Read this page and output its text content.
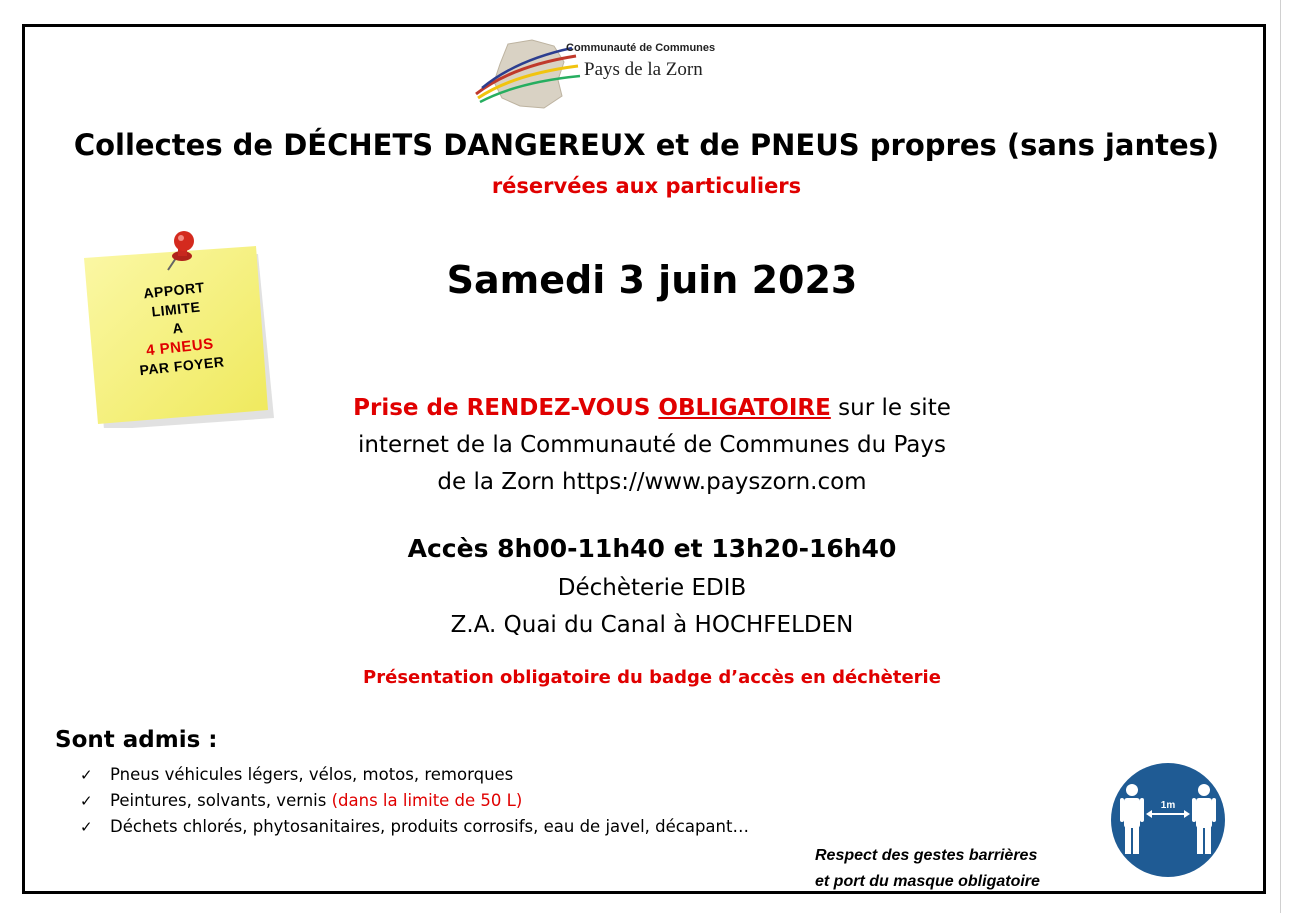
Communauté de Communes
Pays de la Zorn
Collectes de DÉCHETS DANGEREUX et de PNEUS propres (sans jantes)
réservées aux particuliers
APPORT
LIMITE
A
4 PNEUS
PAR FOYER
Samedi 3 juin 2023
Prise de RENDEZ-VOUS OBLIGATOIRE sur le site
internet de la Communauté de Communes du Pays
de la Zorn https://www.payszorn.com
Accès 8h00-11h40 et 13h20-16h40
Déchèterie EDIB
Z.A. Quai du Canal à HOCHFELDEN
Présentation obligatoire du badge d’accès en déchèterie
Sont admis :
✓ Pneus véhicules légers, vélos, motos, remorques
✓ Peintures, solvants, vernis (dans la limite de 50 L)
✓ Déchets chlorés, phytosanitaires, produits corrosifs, eau de javel, décapant…
Respect des gestes barrières
et port du masque obligatoire
1m
